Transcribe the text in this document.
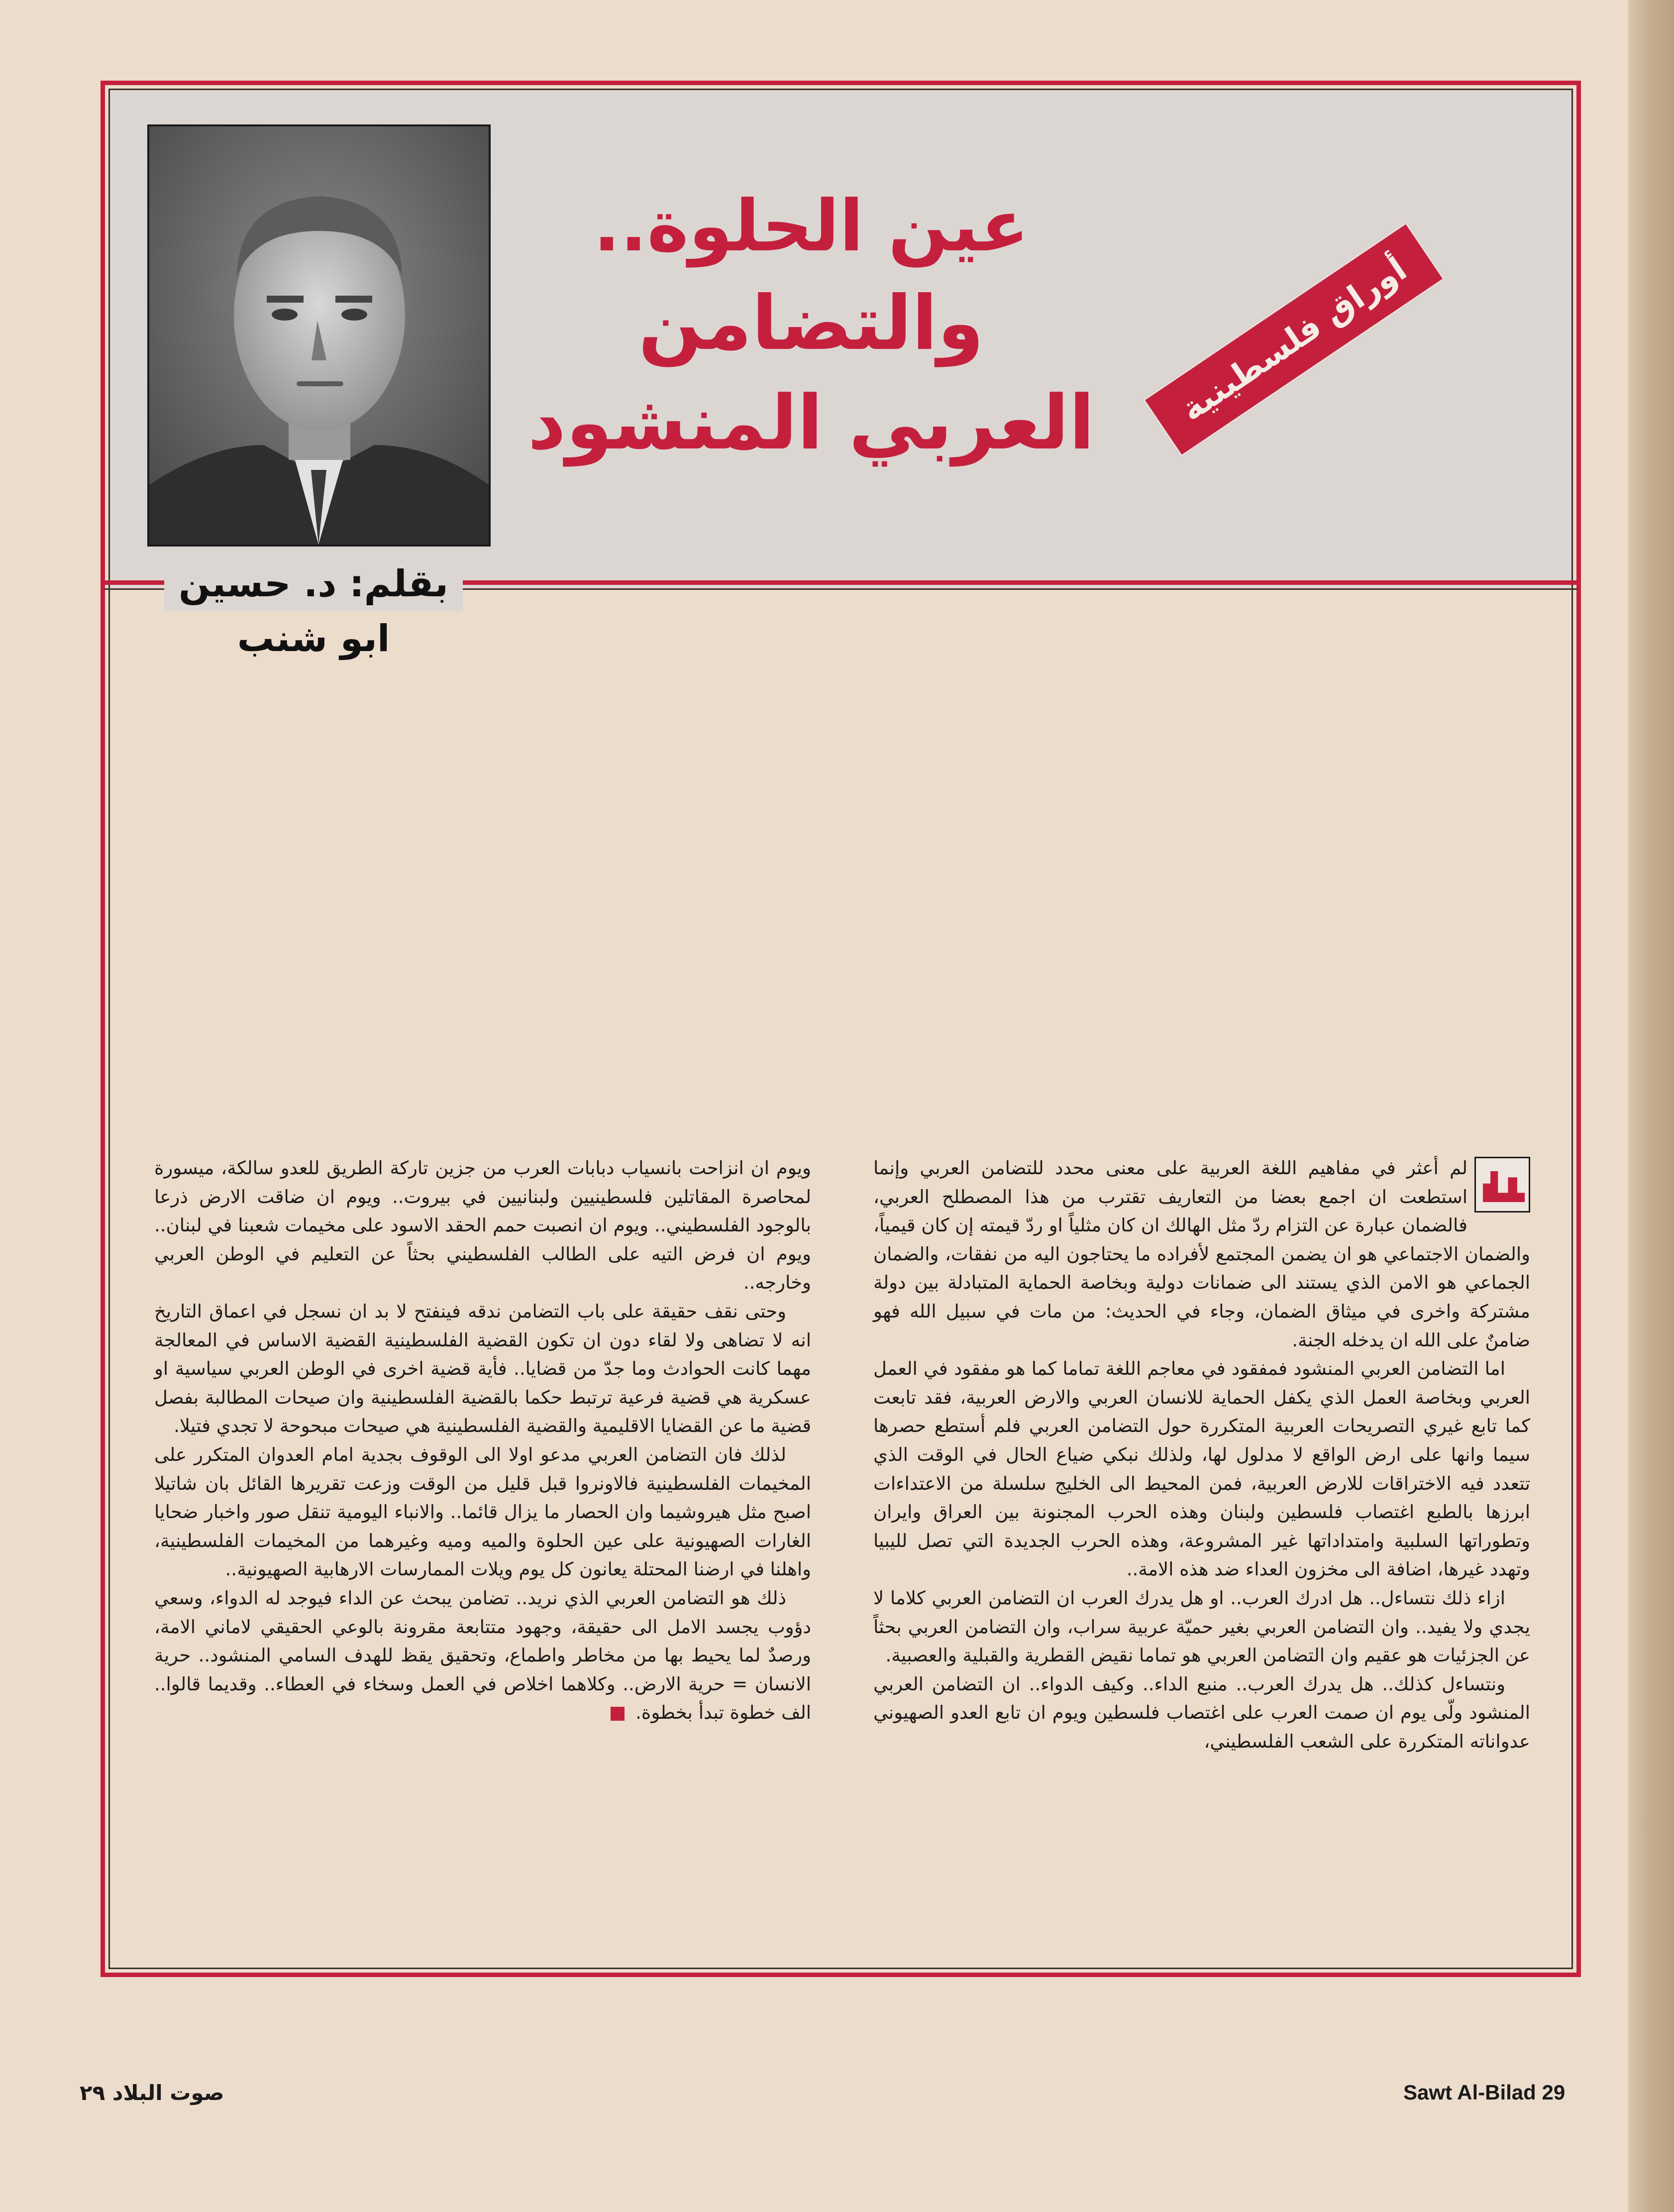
بقلم: د. حسين ابو شنب
عين الحلوة..
والتضامن العربي المنشود	أوراق فلسطينية

لم أعثر في مفاهيم اللغة العربية على معنى محدد للتضامن العربي وإنما استطعت ان اجمع بعضا من التعاريف تقترب من هذا المصطلح العربي، فالضمان عبارة عن التزام ردّ مثل الهالك ان كان مثلياً او ردّ قيمته إن كان قيمياً، والضمان الاجتماعي هو ان يضمن المجتمع لأفراده ما يحتاجون اليه من نفقات، والضمان الجماعي هو الامن الذي يستند الى ضمانات دولية وبخاصة الحماية المتبادلة بين دولة مشتركة واخرى في ميثاق الضمان، وجاء في الحديث: من مات في سبيل الله فهو ضامنٌ على الله ان يدخله الجنة.

اما التضامن العربي المنشود فمفقود في معاجم اللغة تماما كما هو مفقود في العمل العربي وبخاصة العمل الذي يكفل الحماية للانسان العربي والارض العربية، فقد تابعت كما تابع غيري التصريحات العربية المتكررة حول التضامن العربي فلم أستطع حصرها سيما وانها على ارض الواقع لا مدلول لها، ولذلك نبكي ضياع الحال في الوقت الذي تتعدد فيه الاختراقات للارض العربية، فمن المحيط الى الخليج سلسلة من الاعتداءات ابرزها بالطبع اغتصاب فلسطين ولبنان وهذه الحرب المجنونة بين العراق وايران وتطوراتها السلبية وامتداداتها غير المشروعة، وهذه الحرب الجديدة التي تصل لليبيا وتهدد غيرها، اضافة الى مخزون العداء ضد هذه الامة..

ازاء ذلك نتساءل.. هل ادرك العرب.. او هل يدرك العرب ان التضامن العربي كلاما لا يجدي ولا يفيد.. وان التضامن العربي بغير حميّة عربية سراب، وان التضامن العربي بحثاً عن الجزئيات هو عقيم وان التضامن العربي هو تماما نقيض القطرية والقبلية والعصبية.

ونتساءل كذلك.. هل يدرك العرب.. منبع الداء.. وكيف الدواء.. ان التضامن العربي المنشود ولّى يوم ان صمت العرب على اغتصاب فلسطين ويوم ان تابع العدو الصهيوني عدواناته المتكررة على الشعب الفلسطيني،

ويوم ان انزاحت بانسياب دبابات العرب من جزين تاركة الطريق للعدو سالكة، ميسورة لمحاصرة المقاتلين فلسطينيين ولبنانيين في بيروت.. ويوم ان ضاقت الارض ذرعا بالوجود الفلسطيني.. ويوم ان انصبت حمم الحقد الاسود على مخيمات شعبنا في لبنان.. ويوم ان فرض التيه على الطالب الفلسطيني بحثاً عن التعليم في الوطن العربي وخارجه..

وحتى نقف حقيقة على باب التضامن ندقه فينفتح لا بد ان نسجل في اعماق التاريخ انه لا تضاهى ولا لقاء دون ان تكون القضية الفلسطينية القضية الاساس في المعالجة مهما كانت الحوادث وما جدّ من قضايا.. فأية قضية اخرى في الوطن العربي سياسية او عسكرية هي قضية فرعية ترتبط حكما بالقضية الفلسطينية وان صيحات المطالبة بفصل قضية ما عن القضايا الاقليمية والقضية الفلسطينية هي صيحات مبحوحة لا تجدي فتيلا.

لذلك فان التضامن العربي مدعو اولا الى الوقوف بجدية امام العدوان المتكرر على المخيمات الفلسطينية فالاونروا قبل قليل من الوقت وزعت تقريرها القائل بان شاتيلا اصبح مثل هيروشيما وان الحصار ما يزال قائما.. والانباء اليومية تنقل صور واخبار ضحايا الغارات الصهيونية على عين الحلوة والميه وميه وغيرهما من المخيمات الفلسطينية، واهلنا في ارضنا المحتلة يعانون كل يوم ويلات الممارسات الارهابية الصهيونية..

ذلك هو التضامن العربي الذي نريد.. تضامن يبحث عن الداء فيوجد له الدواء، وسعي دؤوب يجسد الامل الى حقيقة، وجهود متتابعة مقرونة بالوعي الحقيقي لاماني الامة، ورصدٌ لما يحيط بها من مخاطر واطماع، وتحقيق يقظ للهدف السامي المنشود.. حرية الانسان = حرية الارض.. وكلاهما اخلاص في العمل وسخاء في العطاء.. وقديما قالوا.. الف خطوة تبدأ بخطوة.

صوت البلاد ٢٩	Sawt Al-Bilad 29
